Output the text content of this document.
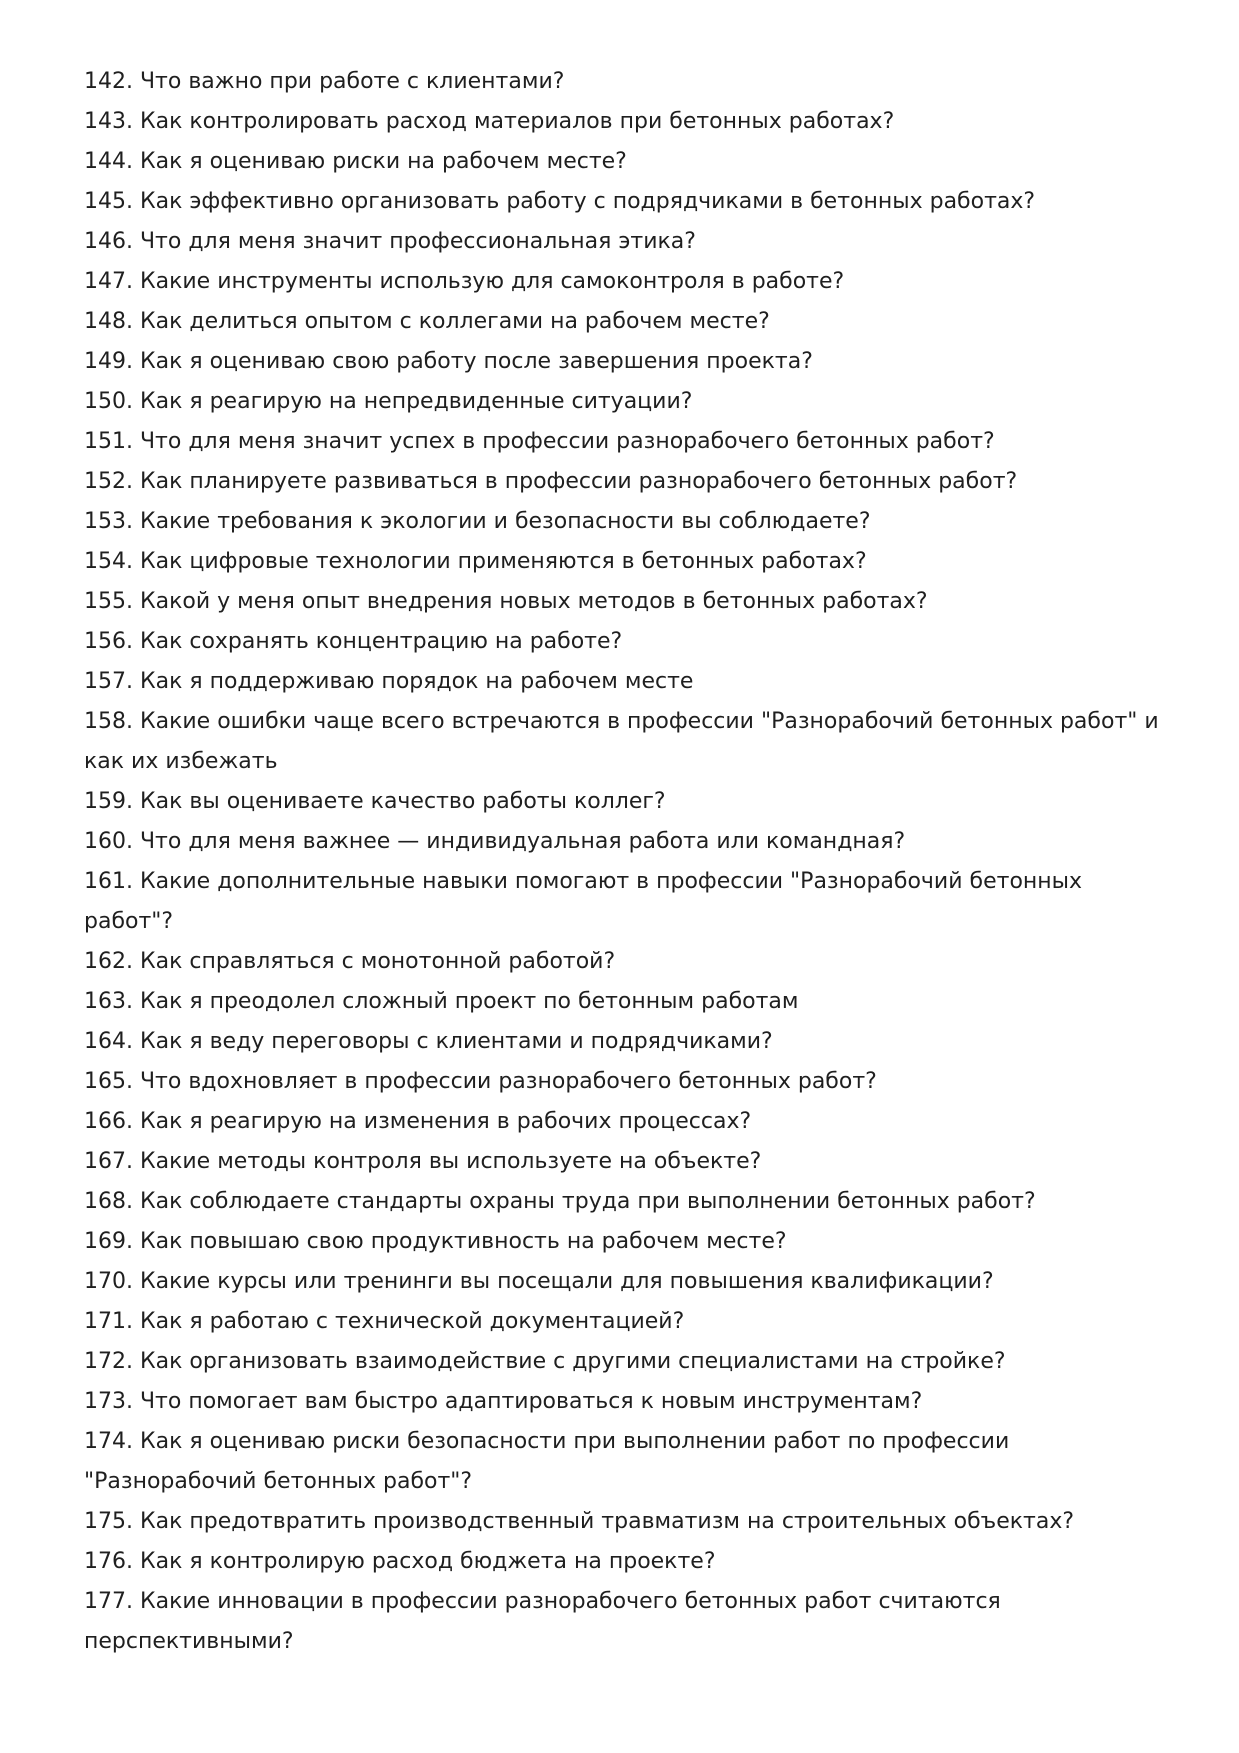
142. Что важно при работе с клиентами?
143. Как контролировать расход материалов при бетонных работах?
144. Как я оцениваю риски на рабочем месте?
145. Как эффективно организовать работу с подрядчиками в бетонных работах?
146. Что для меня значит профессиональная этика?
147. Какие инструменты использую для самоконтроля в работе?
148. Как делиться опытом с коллегами на рабочем месте?
149. Как я оцениваю свою работу после завершения проекта?
150. Как я реагирую на непредвиденные ситуации?
151. Что для меня значит успех в профессии разнорабочего бетонных работ?
152. Как планируете развиваться в профессии разнорабочего бетонных работ?
153. Какие требования к экологии и безопасности вы соблюдаете?
154. Как цифровые технологии применяются в бетонных работах?
155. Какой у меня опыт внедрения новых методов в бетонных работах?
156. Как сохранять концентрацию на работе?
157. Как я поддерживаю порядок на рабочем месте
158. Какие ошибки чаще всего встречаются в профессии "Разнорабочий бетонных работ" и как их избежать
159. Как вы оцениваете качество работы коллег?
160. Что для меня важнее — индивидуальная работа или командная?
161. Какие дополнительные навыки помогают в профессии "Разнорабочий бетонных работ"?
162. Как справляться с монотонной работой?
163. Как я преодолел сложный проект по бетонным работам
164. Как я веду переговоры с клиентами и подрядчиками?
165. Что вдохновляет в профессии разнорабочего бетонных работ?
166. Как я реагирую на изменения в рабочих процессах?
167. Какие методы контроля вы используете на объекте?
168. Как соблюдаете стандарты охраны труда при выполнении бетонных работ?
169. Как повышаю свою продуктивность на рабочем месте?
170. Какие курсы или тренинги вы посещали для повышения квалификации?
171. Как я работаю с технической документацией?
172. Как организовать взаимодействие с другими специалистами на стройке?
173. Что помогает вам быстро адаптироваться к новым инструментам?
174. Как я оцениваю риски безопасности при выполнении работ по профессии "Разнорабочий бетонных работ"?
175. Как предотвратить производственный травматизм на строительных объектах?
176. Как я контролирую расход бюджета на проекте?
177. Какие инновации в профессии разнорабочего бетонных работ считаются перспективными?
